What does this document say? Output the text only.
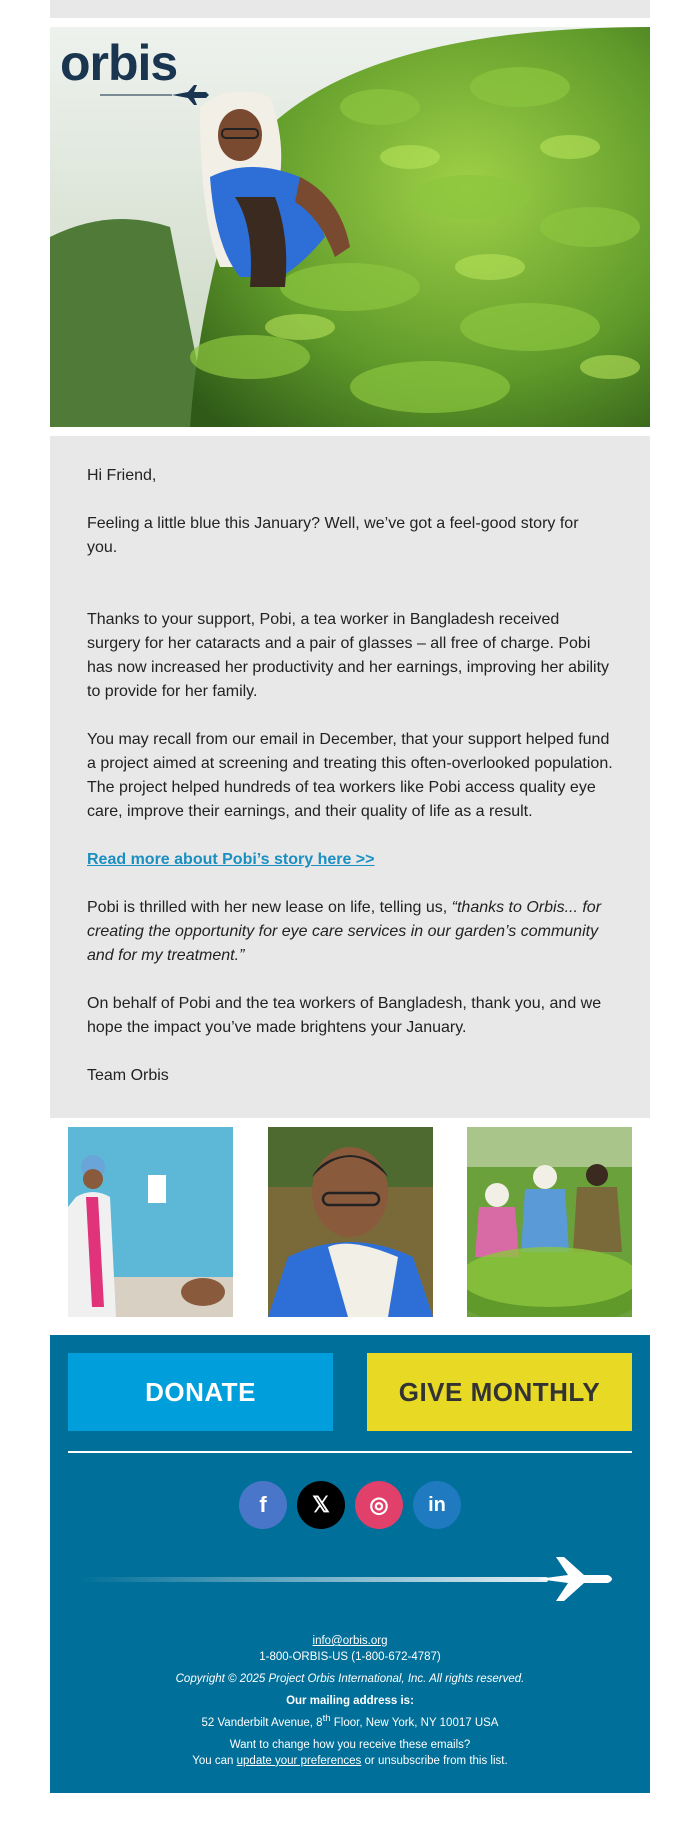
orbis

Hi Friend,

Feeling a little blue this January? Well, we’ve got a feel-good story for you.

Thanks to your support, Pobi, a tea worker in Bangladesh received surgery for her cataracts and a pair of glasses – all free of charge. Pobi has now increased her productivity and her earnings, improving her ability to provide for her family.

You may recall from our email in December, that your support helped fund a project aimed at screening and treating this often-overlooked population. The project helped hundreds of tea workers like Pobi access quality eye care, improve their earnings, and their quality of life as a result.

Read more about Pobi’s story here >>

Pobi is thrilled with her new lease on life, telling us, “thanks to Orbis... for creating the opportunity for eye care services in our garden’s community and for my treatment.”

On behalf of Pobi and the tea workers of Bangladesh, thank you, and we hope the impact you’ve made brightens your January.

Team Orbis

DONATE	GIVE MONTHLY
f	𝕏	◎	in

info@orbis.org

1-800-ORBIS-US (1-800-672-4787)

Copyright © 2025 Project Orbis International, Inc. All rights reserved.

Our mailing address is:

52 Vanderbilt Avenue, 8th Floor, New York, NY 10017 USA

Want to change how you receive these emails?

You can update your preferences or unsubscribe from this list.
